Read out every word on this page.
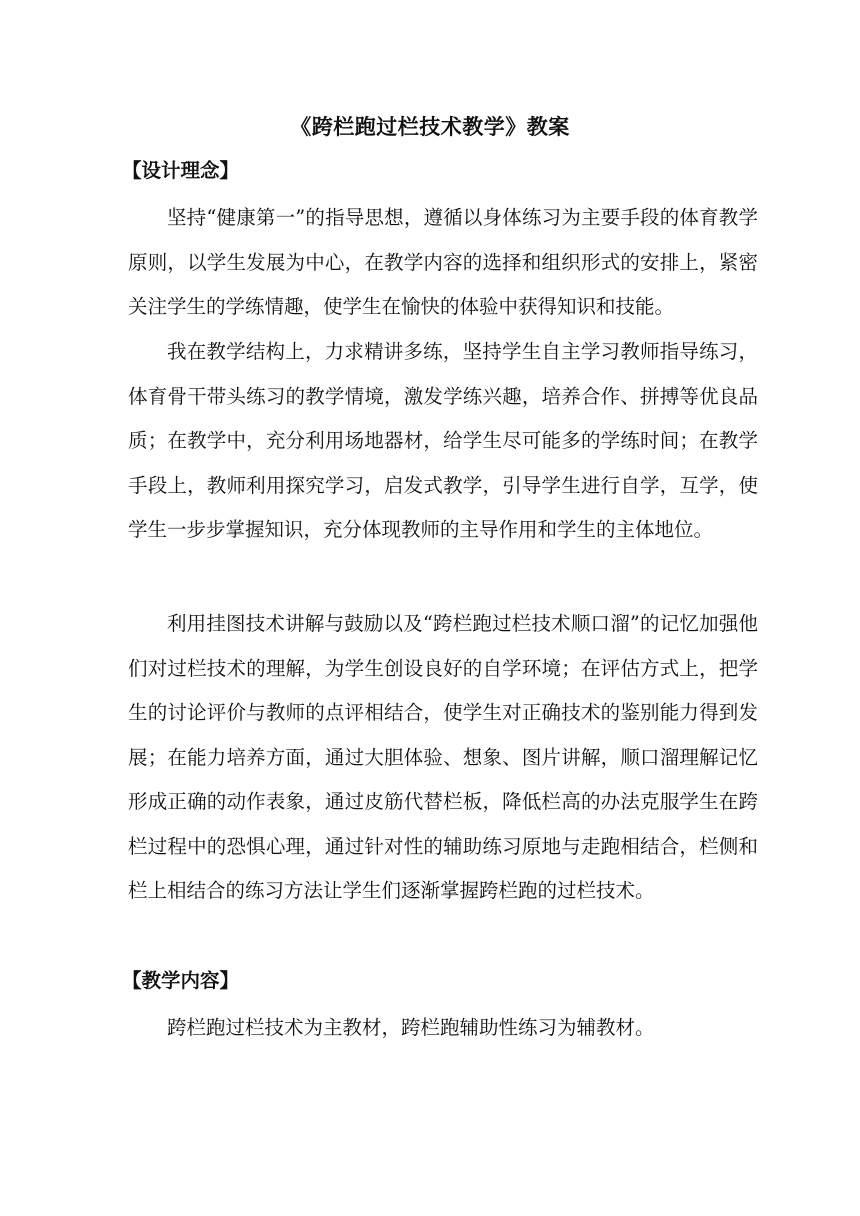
《跨栏跑过栏技术教学》教案
【设计理念】
坚持“健康第一”的指导思想，遵循以身体练习为主要手段的体育教学原则，以学生发展为中心，在教学内容的选择和组织形式的安排上，紧密关注学生的学练情趣，使学生在愉快的体验中获得知识和技能。
我在教学结构上，力求精讲多练，坚持学生自主学习教师指导练习，体育骨干带头练习的教学情境，激发学练兴趣，培养合作、拼搏等优良品质；在教学中，充分利用场地器材，给学生尽可能多的学练时间；在教学手段上，教师利用探究学习，启发式教学，引导学生进行自学，互学，使学生一步步掌握知识，充分体现教师的主导作用和学生的主体地位。
利用挂图技术讲解与鼓励以及“跨栏跑过栏技术顺口溜”的记忆加强他们对过栏技术的理解，为学生创设良好的自学环境；在评估方式上，把学生的讨论评价与教师的点评相结合，使学生对正确技术的鉴别能力得到发展；在能力培养方面，通过大胆体验、想象、图片讲解，顺口溜理解记忆形成正确的动作表象，通过皮筋代替栏板，降低栏高的办法克服学生在跨栏过程中的恐惧心理，通过针对性的辅助练习原地与走跑相结合，栏侧和栏上相结合的练习方法让学生们逐渐掌握跨栏跑的过栏技术。
【教学内容】
跨栏跑过栏技术为主教材，跨栏跑辅助性练习为辅教材。
